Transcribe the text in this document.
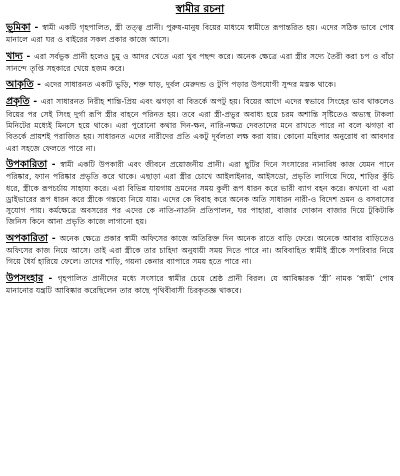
স্বামীর রচনা

ভূমিকা - স্বামী একটি গৃহপালিত, স্ত্রী তত্ত্ব প্রানী। পুরুষ-মানুষ বিয়ের মাধ্যমে স্বামীতে রূপান্তরিত হয়। এদের সঠিক ভাবে পোষ মানালে এরা ঘর ও বাইরের সকল প্রকার কাজে আসে।

খাদ্য - এরা সর্বভুক প্রানী হলেও চুমু ও আদর খেতে এরা খুব পছন্দ করে। অনেক ক্ষেত্রে এরা স্ত্রীর সদ্যে তৈরী করা চপ ও বাঁচা সানন্দে তৃপ্তি সহকারে খেয়ে হজম করে।

আকৃতি - এদের সাধারনত একটি ভুড়ি, শক্ত ঘাড়, দুর্বল মেরুদন্ড ও টুপি পড়ার উপযোগী সুন্দর মস্তক থাকে।

প্রকৃতি - এরা সাধারনত নিরীহ শান্তি-প্রিয় এবং ঝগড়া বা বিতর্কে অপটু হয়। বিয়ের আগে এদের স্বভাবে সিংহের ভাব থাকলেও বিয়ের পর সেই সিংহ দুর্গা রূপি স্ত্রীর বাহনে পরিনত হয়। তবে এরা স্ত্রী-প্রভুর অবাধ্য হয়ে চরম অশান্তি সৃষ্টিতেও অভ্যস্থ টাকলা মিনিটের মধ্যেই মিনসে হয়ে থাকে। এরা পুরোনো কথার দিন-ক্ষন, নারি-নক্ষত্র দেবতাদের মনে রাখতে পারে না বলে ঝগড়া বা বিতর্কে প্রায়শই পরাজিত হয়। সাধারনত এদের নারীদের প্রতি একটু দূর্বলতা লক্ষ করা যায়। কোনো মহিলার অনুরোধ বা আবদার এরা সহজে ফেলতে পারে না।

উপকারিতা - স্বামী একটি উপকারী এবং জীবনে প্রয়োজনীয় প্রানী। এরা ছুটির দিনে সংসারের নানাবিধ কাজ যেমন পানে পরিষ্কার, ফ্যান পরিষ্কার প্রভৃতি করে থাকে। এছাড়া এরা স্ত্রীর চোখে আইলাইনার, আইসডো, প্রভৃতি লাগিয়ে দিয়ে, শাড়ির কুঁচি ধরে, স্ত্রীকে রূপচর্চায় সাহায্য করে। এরা বিভিন্ন যায়গায় ভ্রমনের সময় কুলী রূপ ধারন করে ভারী ব্যাগ বহন করে। কখনো বা এরা ড্রাইভারের রূপ ধারন করে স্ত্রীকে গন্তব্যে নিয়ে যায়। এদের কে বিবাহ করে অনেক অতি সাধারন নারী-ও বিদেশ ভ্রমন ও বসবাসের সুযোগ পায়। কর্মক্ষেত্রে অবসরের পর এদের কে নাতি-নাতনি প্রতিপালন, ঘর পাহারা, বাজার দোকান বাজার দিয়ে টুকিটাকি জিনিস কিনে আনা প্রভৃতি কাজে লাগানো হয়।

অপকারিতা - অনেক ক্ষেত্রে প্রকার স্বামী অফিসের কাজে অতিরিক্ত দিন অনেক রাতে বাড়ি ফেরে। অনেকে আবার বাড়িতেও অফিসের কাজ নিয়ে আসে। তাই এরা স্ত্রীকে তার চাহিদা অনুযায়ী সময় দিতে পারে না। অবিবাহিত স্বামীই স্ত্রীকে সপরিবার নিয়ে গিয়ে ধৈর্য হারিয়ে ফেলে। তাদের শাড়ি, গয়না কেনার ব্যাপারে সময় হতে পারে না।

উপসংহার - গৃহপালিত প্রানীদের মধ্যে সংসারে স্বামীর চেয়ে শ্রেষ্ঠ প্রানী বিরল। যে আবিষ্কারক ‘স্ত্রী’ নামক ‘স্বামী’ পোষ মানানোর যন্ত্রটি আবিষ্কার করেছিলেন তার কাছে পৃথিবীবাসী চিরকৃতজ্ঞ থাকবে।
